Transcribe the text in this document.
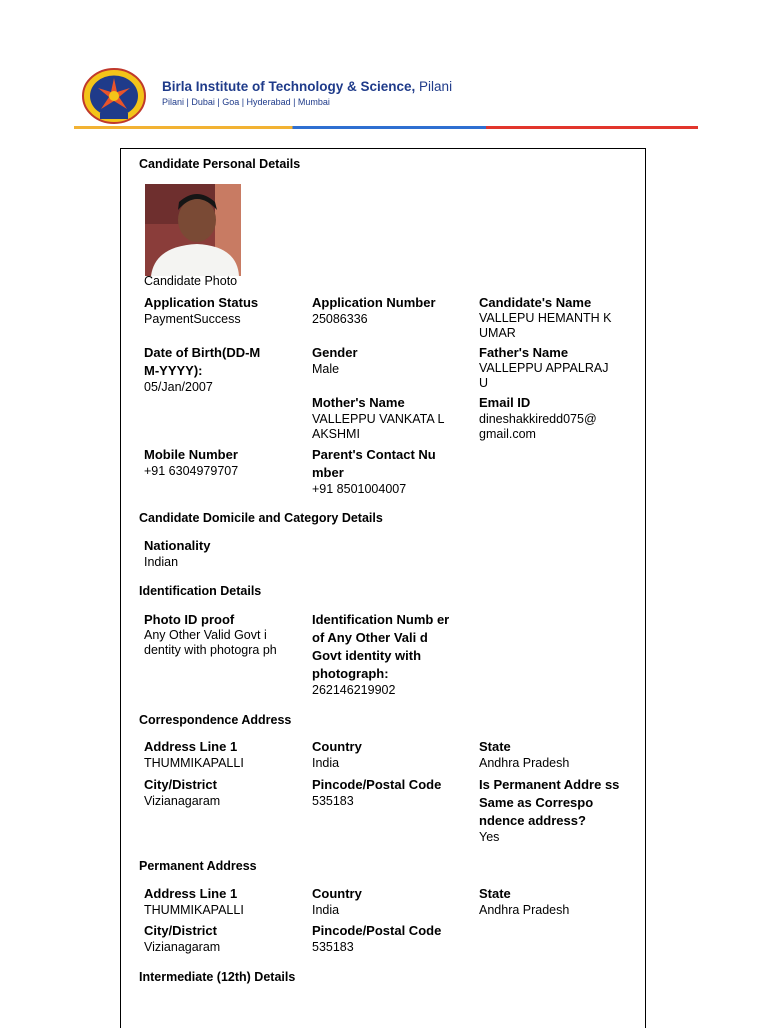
Birla Institute of Technology & Science, Pilani
Pilani | Dubai | Goa | Hyderabad | Mumbai
Candidate Personal Details
Candidate Photo
Application Status
PaymentSuccess
Application Number
25086336
Candidate's Name
VALLEPU HEMANTH K UMAR
Date of Birth(DD-M M-YYYY):
05/Jan/2007
Gender
Male
Father's Name
VALLEPPU APPALRAJ U
Mother's Name
VALLEPPU VANKATA L AKSHMI
Email ID
dineshakkiredd075@ gmail.com
Mobile Number
+91 6304979707
Parent's Contact Nu mber
+91 8501004007
Candidate Domicile and Category Details
Nationality
Indian
Identification Details
Photo ID proof
Any Other Valid Govt i dentity with photogra ph
Identification Numb er of Any Other Vali d Govt identity with photograph:
262146219902
Correspondence Address
Address Line 1
THUMMIKAPALLI
Country
India
State
Andhra Pradesh
City/District
Vizianagaram
Pincode/Postal Code
535183
Is Permanent Addre ss Same as Correspo ndence address?
Yes
Permanent Address
Address Line 1
THUMMIKAPALLI
Country
India
State
Andhra Pradesh
City/District
Vizianagaram
Pincode/Postal Code
535183
Intermediate (12th) Details
